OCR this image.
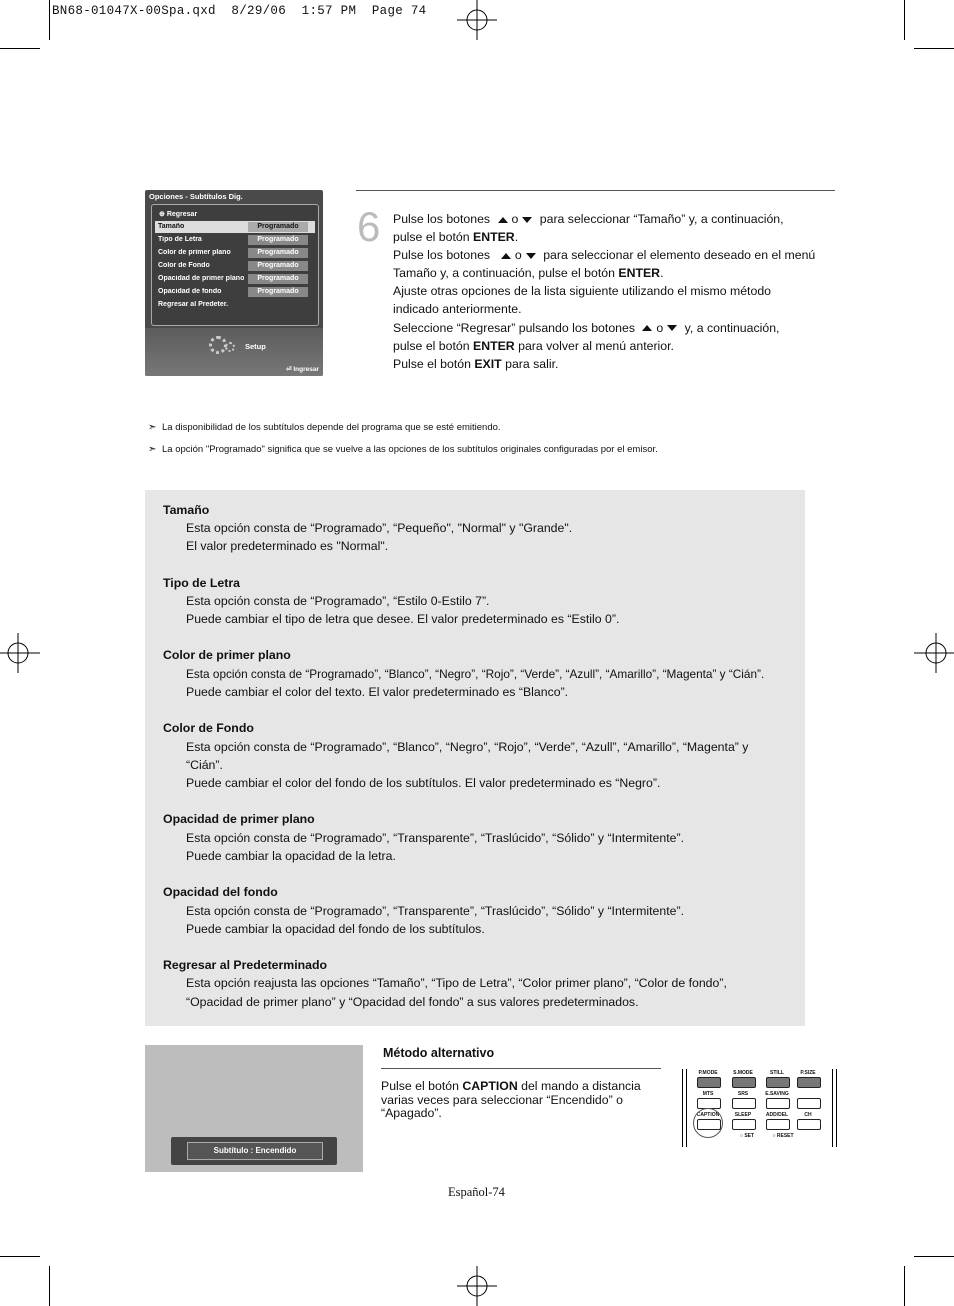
BN68-01047X-00Spa.qxd  8/29/06  1:57 PM  Page 74
Opciones - Subtítulos Dig.
⊕ Regresar
Tamaño	Programado
Tipo de Letra	Programado
Color de primer plano	Programado
Color de Fondo	Programado
Opacidad de primer plano	Programado
Opacidad de fondo	Programado
Regresar al Predeter.
Setup
⏎ Ingresar
6 Pulse los botones o para seleccionar “Tamaño” y, a continuación,
pulse el botón ENTER.
Pulse los botones o para seleccionar el elemento deseado en el menú
Tamaño y, a continuación, pulse el botón ENTER.
Ajuste otras opciones de la lista siguiente utilizando el mismo método
indicado anteriormente.
Seleccione “Regresar” pulsando los botones o y, a continuación,
pulse el botón ENTER para volver al menú anterior.
Pulse el botón EXIT para salir.
➣ La disponibilidad de los subtítulos depende del programa que se esté emitiendo.
➣ La opción "Programado" significa que se vuelve a las opciones de los subtítulos originales configuradas por el emisor.
Tamaño
Esta opción consta de “Programado”, “Pequeño", "Normal" y "Grande".
El valor predeterminado es "Normal".
Tipo de Letra
Esta opción consta de “Programado”, “Estilo 0-Estilo 7”.
Puede cambiar el tipo de letra que desee. El valor predeterminado es “Estilo 0”.
Color de primer plano
Esta opción consta de “Programado”, “Blanco”, “Negro”, “Rojo”, “Verde”, “Azull”, “Amarillo”, “Magenta” y “Cián”.
Puede cambiar el color del texto. El valor predeterminado es “Blanco”.
Color de Fondo
Esta opción consta de “Programado”, “Blanco”, “Negro”, “Rojo”, “Verde”, “Azull”, “Amarillo”, “Magenta” y
“Cián”.
Puede cambiar el color del fondo de los subtítulos. El valor predeterminado es “Negro”.
Opacidad de primer plano
Esta opción consta de “Programado”, “Transparente”, “Traslúcido”, “Sólido” y “Intermitente”.
Puede cambiar la opacidad de la letra.
Opacidad del fondo
Esta opción consta de “Programado”, “Transparente”, “Traslúcido”, “Sólido” y “Intermitente”.
Puede cambiar la opacidad del fondo de los subtítulos.
Regresar al Predeterminado
Esta opción reajusta las opciones “Tamaño”, “Tipo de Letra”, “Color primer plano”, “Color de fondo”,
“Opacidad de primer plano” y “Opacidad del fondo” a sus valores predeterminados.
Subtítulo : Encendido
Método alternativo
Pulse el botón CAPTION del mando a distancia varias veces para seleccionar “Encendido” o “Apagado”.
P.MODE	S.MODE	STILL	P.SIZE
MTS	SRS	E.SAVING
CAPTION	SLEEP	ADD/DEL	CH
○ SET	○ RESET
Español-74
